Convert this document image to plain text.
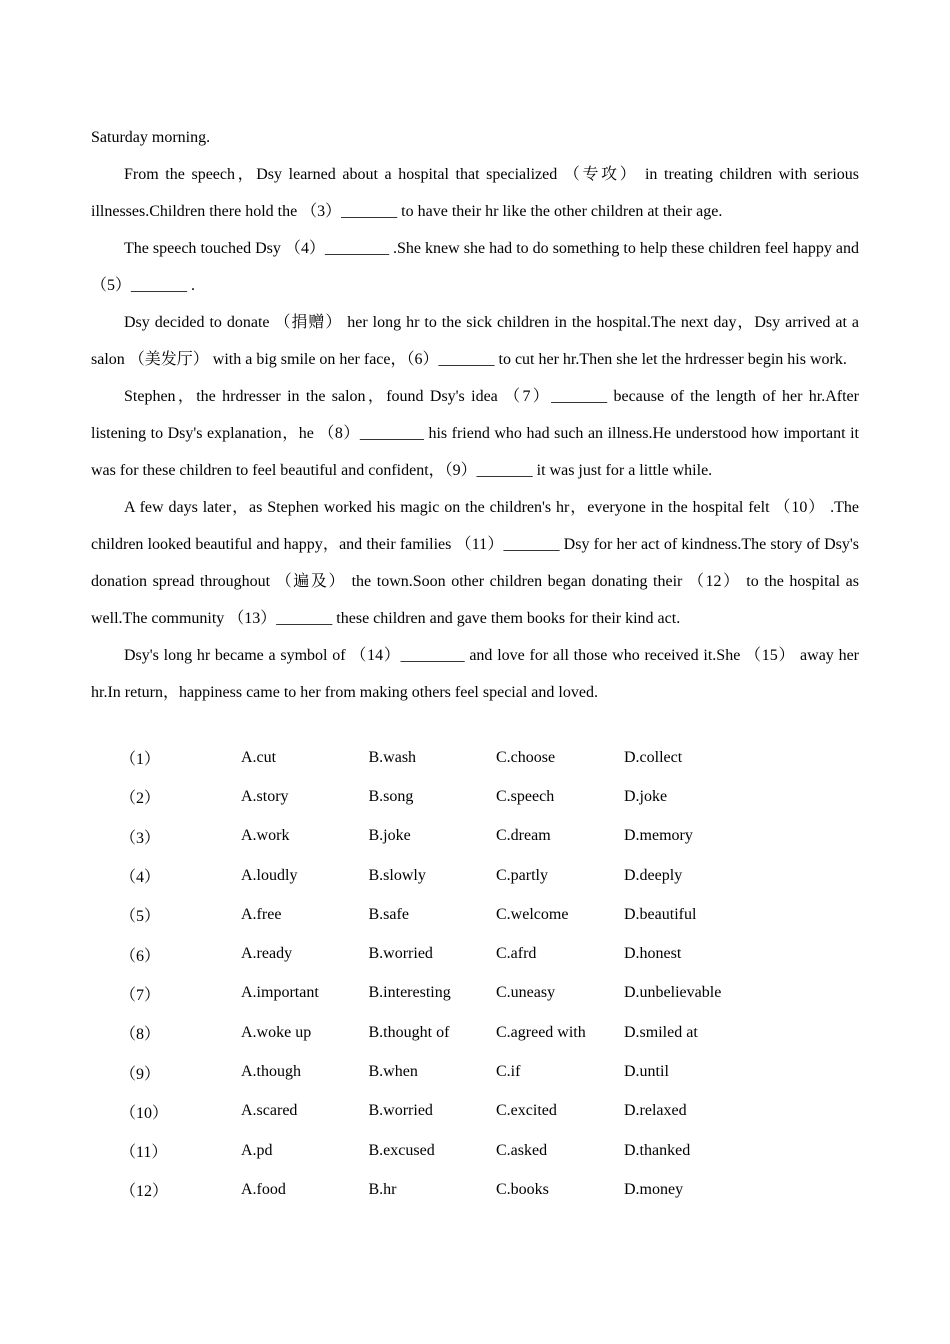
Saturday morning.

From the speech，Dsy learned about a hospital that specialized （专攻） in treating children with serious illnesses.Children there hold the （3）_______ to have their hr like the other children at their age.

The speech touched Dsy （4）________ .She knew she had to do something to help these children feel happy and （5）_______ .

Dsy decided to donate （捐赠） her long hr to the sick children in the hospital.The next day，Dsy arrived at a salon （美发厅） with a big smile on her face，（6）_______ to cut her hr.Then she let the hrdresser begin his work.

Stephen，the hrdresser in the salon，found Dsy's idea （7）_______ because of the length of her hr.After listening to Dsy's explanation，he （8）________ his friend who had such an illness.He understood how important it was for these children to feel beautiful and confident，（9）_______ it was just for a little while.

A few days later，as Stephen worked his magic on the children's hr，everyone in the hospital felt （10） .The children looked beautiful and happy，and their families （11）_______ Dsy for her act of kindness.The story of Dsy's donation spread throughout （遍及） the town.Soon other children began donating their （12） to the hospital as well.The community （13）_______ these children and gave them books for their kind act.

Dsy's long hr became a symbol of （14）________ and love for all those who received it.She （15） away her hr.In return，happiness came to her from making others feel special and loved.

（1）	A.cut	B.wash	C.choose	D.collect
（2）	A.story	B.song	C.speech	D.joke
（3）	A.work	B.joke	C.dream	D.memory
（4）	A.loudly	B.slowly	C.partly	D.deeply
（5）	A.free	B.safe	C.welcome	D.beautiful
（6）	A.ready	B.worried	C.afrd	D.honest
（7）	A.important	B.interesting	C.uneasy	D.unbelievable
（8）	A.woke up	B.thought of	C.agreed with	D.smiled at
（9）	A.though	B.when	C.if	D.until
（10）	A.scared	B.worried	C.excited	D.relaxed
（11）	A.pd	B.excused	C.asked	D.thanked
（12）	A.food	B.hr	C.books	D.money
